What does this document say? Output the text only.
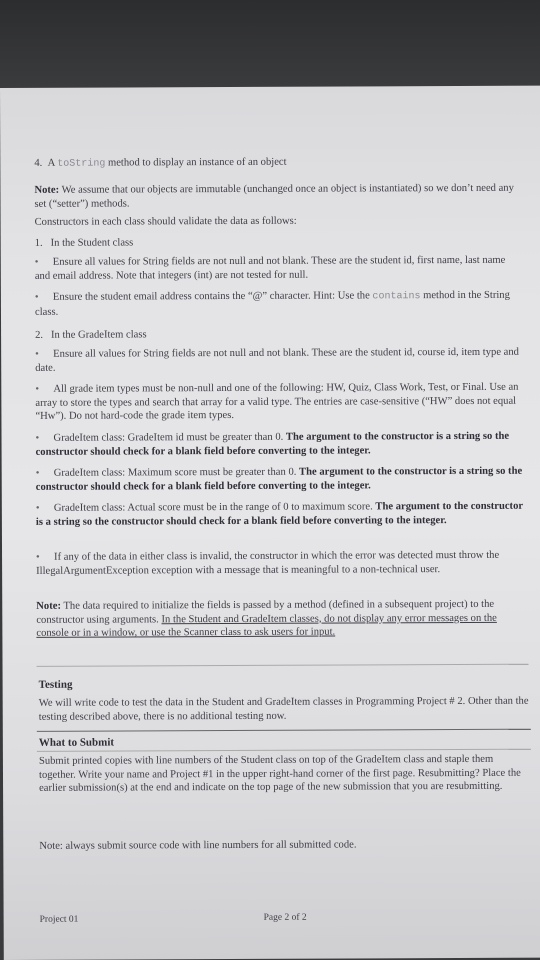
4. A toString method to display an instance of an object

Note: We assume that our objects are immutable (unchanged once an object is instantiated) so we don’t need any set (“setter”) methods.

Constructors in each class should validate the data as follows:

1. In the Student class

• Ensure all values for String fields are not null and not blank. These are the student id, first name, last name and email address. Note that integers (int) are not tested for null.

• Ensure the student email address contains the “@” character. Hint: Use the contains method in the String class.

2. In the GradeItem class

• Ensure all values for String fields are not null and not blank. These are the student id, course id, item type and date.

• All grade item types must be non-null and one of the following: HW, Quiz, Class Work, Test, or Final. Use an array to store the types and search that array for a valid type. The entries are case-sensitive (“HW” does not equal “Hw”). Do not hard-code the grade item types.

• GradeItem class: GradeItem id must be greater than 0. The argument to the constructor is a string so the constructor should check for a blank field before converting to the integer.

• GradeItem class: Maximum score must be greater than 0. The argument to the constructor is a string so the constructor should check for a blank field before converting to the integer.

• GradeItem class: Actual score must be in the range of 0 to maximum score. The argument to the constructor is a string so the constructor should check for a blank field before converting to the integer.

• If any of the data in either class is invalid, the constructor in which the error was detected must throw the IllegalArgumentException exception with a message that is meaningful to a non-technical user.

Note: The data required to initialize the fields is passed by a method (defined in a subsequent project) to the constructor using arguments. In the Student and GradeItem classes, do not display any error messages on the console or in a window, or use the Scanner class to ask users for input.

Testing

We will write code to test the data in the Student and GradeItem classes in Programming Project # 2. Other than the testing described above, there is no additional testing now.

What to Submit

Submit printed copies with line numbers of the Student class on top of the GradeItem class and staple them together. Write your name and Project #1 in the upper right-hand corner of the first page. Resubmitting? Place the earlier submission(s) at the end and indicate on the top page of the new submission that you are resubmitting.

Note: always submit source code with line numbers for all submitted code.

Project 01	Page 2 of 2
